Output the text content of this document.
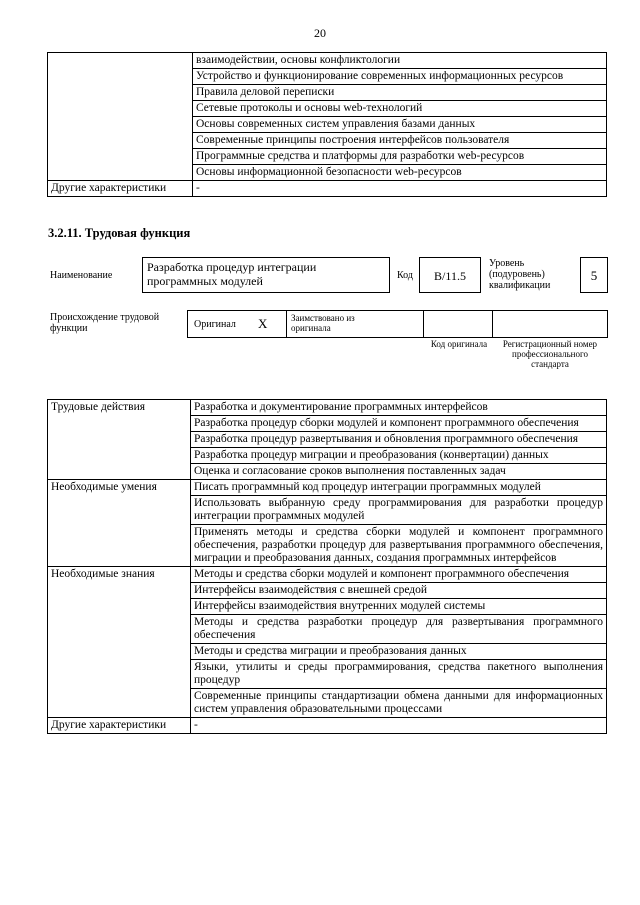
20
	взаимодействии, основы конфликтологии
	Устройство и функционирование современных информационных ресурсов
	Правила деловой переписки
	Сетевые протоколы и основы web-технологий
	Основы современных систем управления базами данных
	Современные принципы построения интерфейсов пользователя
	Программные средства и платформы для разработки web-ресурсов
	Основы информационной безопасности web-ресурсов
Другие характеристики	-
3.2.11. Трудовая функция
Наименование
Разработка процедур интеграции программных модулей	Код	B/11.5
Уровень (подуровень) квалификации
5
Происхождение трудовой функции	Оригинал X	Заимствовано из оригинала
Код оригинала	Регистрационный номер профессионального стандарта
Трудовые действия	Разработка и документирование программных интерфейсов
	Разработка процедур сборки модулей и компонент программного обеспечения
	Разработка процедур развертывания и обновления программного обеспечения
	Разработка процедур миграции и преобразования (конвертации) данных
	Оценка и согласование сроков выполнения поставленных задач
Необходимые умения	Писать программный код процедур интеграции программных модулей
	Использовать выбранную среду программирования для разработки процедур интеграции программных модулей
	Применять методы и средства сборки модулей и компонент программного обеспечения, разработки процедур для развертывания программного обеспечения, миграции и преобразования данных, создания программных интерфейсов
Необходимые знания	Методы и средства сборки модулей и компонент программного обеспечения
	Интерфейсы взаимодействия с внешней средой
	Интерфейсы взаимодействия внутренних модулей системы
	Методы и средства разработки процедур для развертывания программного обеспечения
	Методы и средства миграции и преобразования данных
	Языки, утилиты и среды программирования, средства пакетного выполнения процедур
	Современные принципы стандартизации обмена данными для информационных систем управления образовательными процессами
Другие характеристики	-
